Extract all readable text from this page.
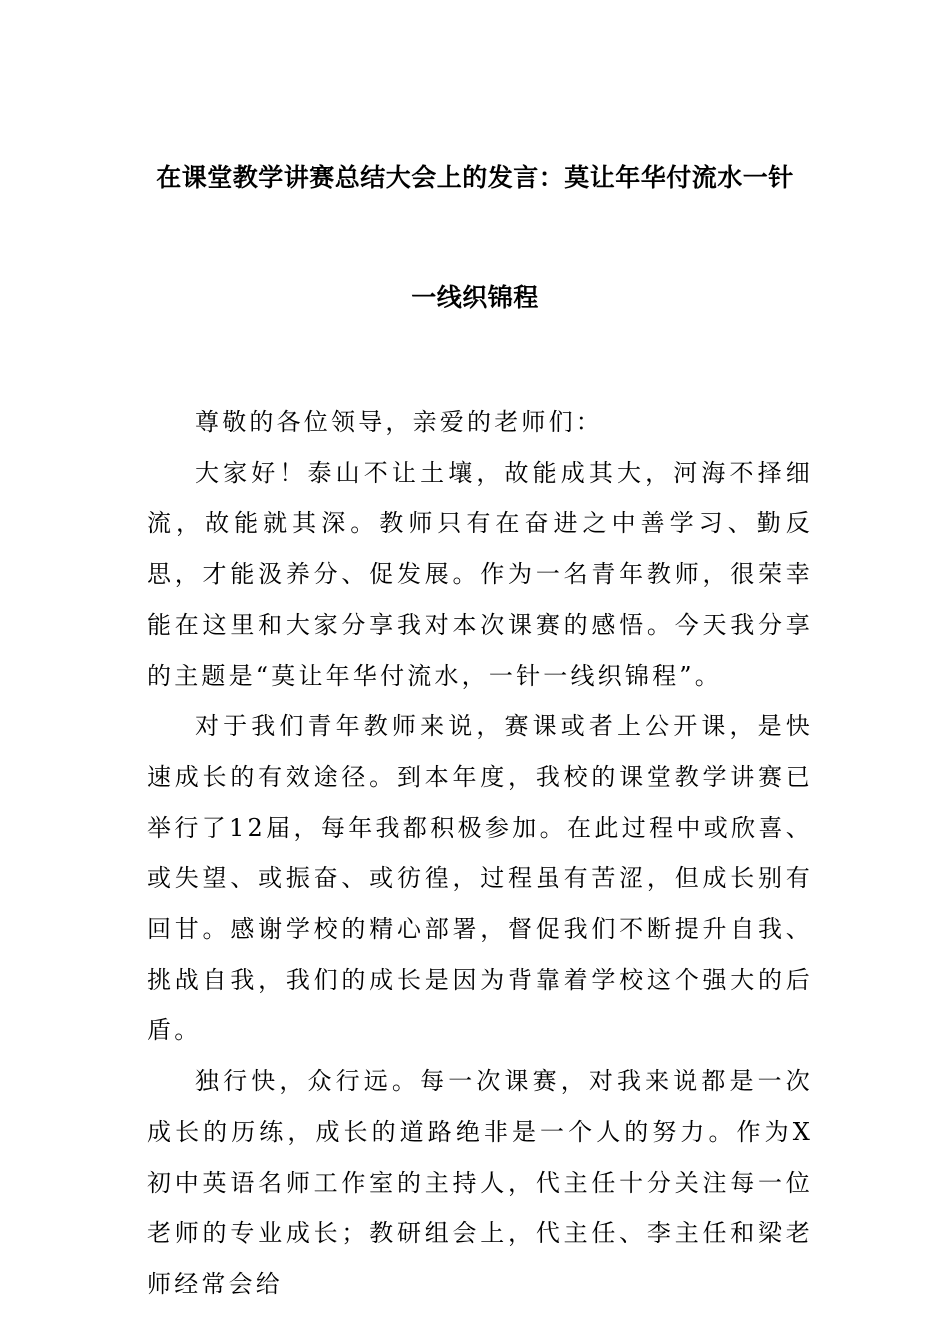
在课堂教学讲赛总结大会上的发言：莫让年华付流水一针
一线织锦程

尊敬的各位领导，亲爱的老师们：

大家好！泰山不让土壤，故能成其大，河海不择细流，故能就其深。教师只有在奋进之中善学习、勤反思，才能汲养分、促发展。作为一名青年教师，很荣幸能在这里和大家分享我对本次课赛的感悟。今天我分享的主题是“莫让年华付流水，一针一线织锦程”。

对于我们青年教师来说，赛课或者上公开课，是快速成长的有效途径。到本年度，我校的课堂教学讲赛已举行了12届，每年我都积极参加。在此过程中或欣喜、或失望、或振奋、或彷徨，过程虽有苦涩，但成长别有回甘。感谢学校的精心部署，督促我们不断提升自我、挑战自我，我们的成长是因为背靠着学校这个强大的后盾。

独行快，众行远。每一次课赛，对我来说都是一次成长的历练，成长的道路绝非是一个人的努力。作为X初中英语名师工作室的主持人，代主任十分关注每一位老师的专业成长；教研组会上，代主任、李主任和梁老师经常会给
